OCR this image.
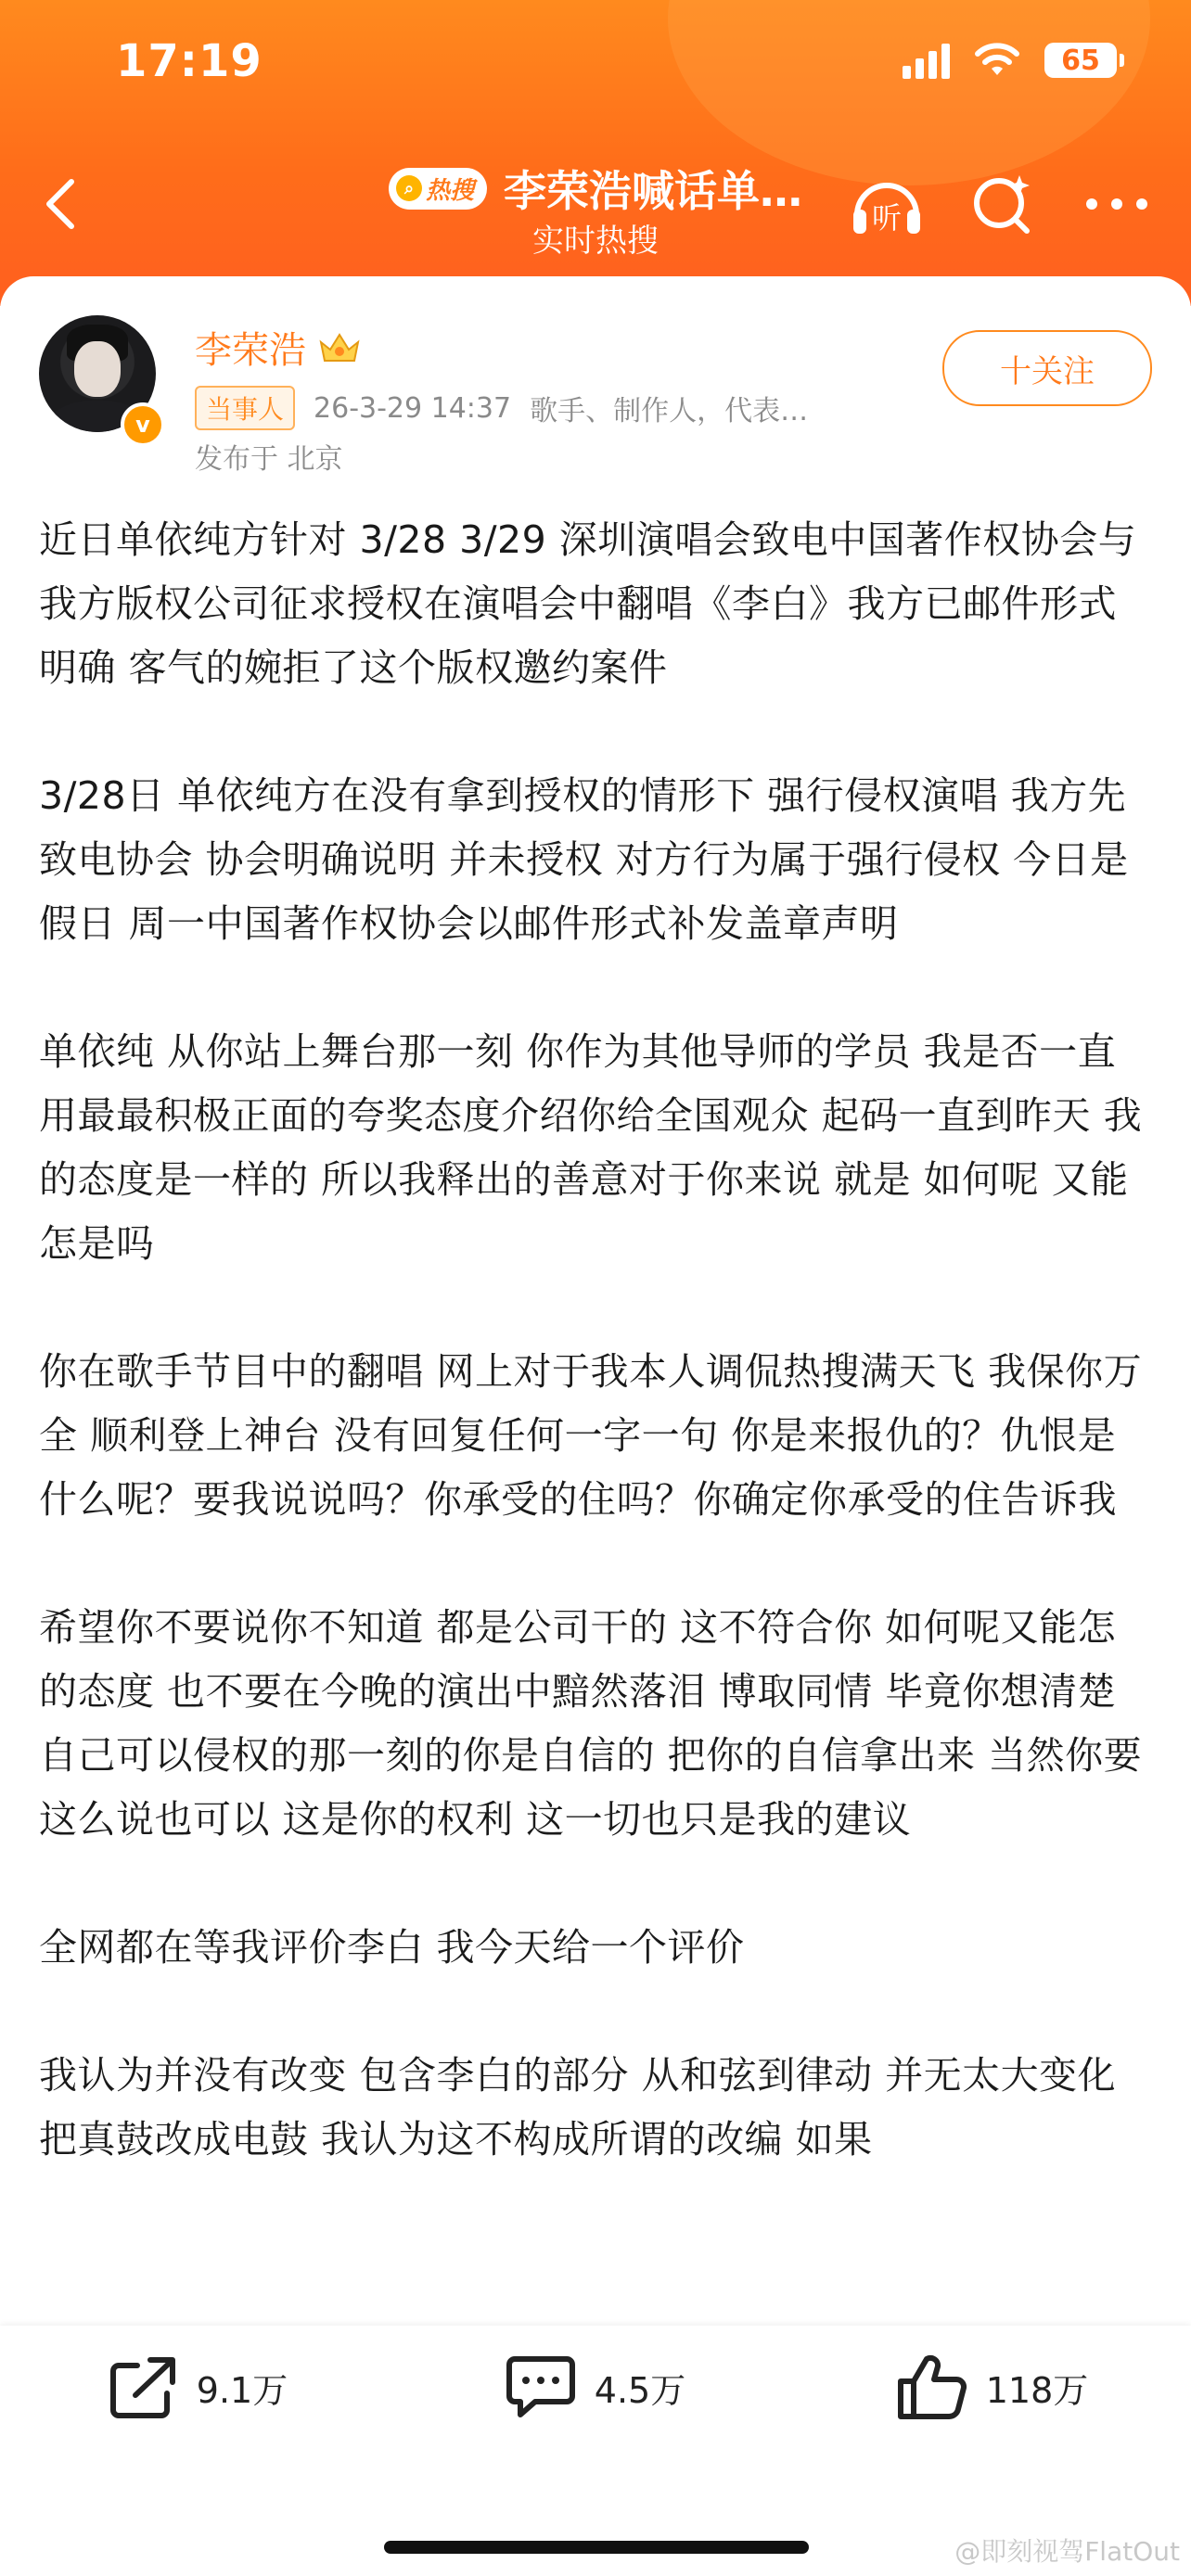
17:19	65
⌕ 热搜 李荣浩喊话单…
实时热搜
听
v
李荣浩
当事人	26-3-29 14:37 歌手、制作人，代表…
发布于 北京
十关注

近日单依纯方针对 3/28 3/29 深圳演唱会致电中国著作权协会与我方版权公司征求授权在演唱会中翻唱《李白》我方已邮件形式 明确 客气的婉拒了这个版权邀约案件

3/28日 单依纯方在没有拿到授权的情形下 强行侵权演唱 我方先致电协会 协会明确说明 并未授权 对方行为属于强行侵权 今日是假日 周一中国著作权协会以邮件形式补发盖章声明

单依纯 从你站上舞台那一刻 你作为其他导师的学员 我是否一直用最最积极正面的夸奖态度介绍你给全国观众 起码一直到昨天 我的态度是一样的 所以我释出的善意对于你来说 就是 如何呢 又能怎是吗

你在歌手节目中的翻唱 网上对于我本人调侃热搜满天飞 我保你万全 顺利登上神台 没有回复任何一字一句 你是来报仇的？仇恨是什么呢？要我说说吗？你承受的住吗？你确定你承受的住告诉我

希望你不要说你不知道 都是公司干的 这不符合你 如何呢又能怎的态度 也不要在今晚的演出中黯然落泪 博取同情 毕竟你想清楚自己可以侵权的那一刻的你是自信的 把你的自信拿出来 当然你要这么说也可以 这是你的权利 这一切也只是我的建议

全网都在等我评价李白 我今天给一个评价

我认为并没有改变 包含李白的部分 从和弦到律动 并无太大变化 把真鼓改成电鼓 我认为这不构成所谓的改编 如果

9.1万	4.5万	118万
@即刻视驾FlatOut
